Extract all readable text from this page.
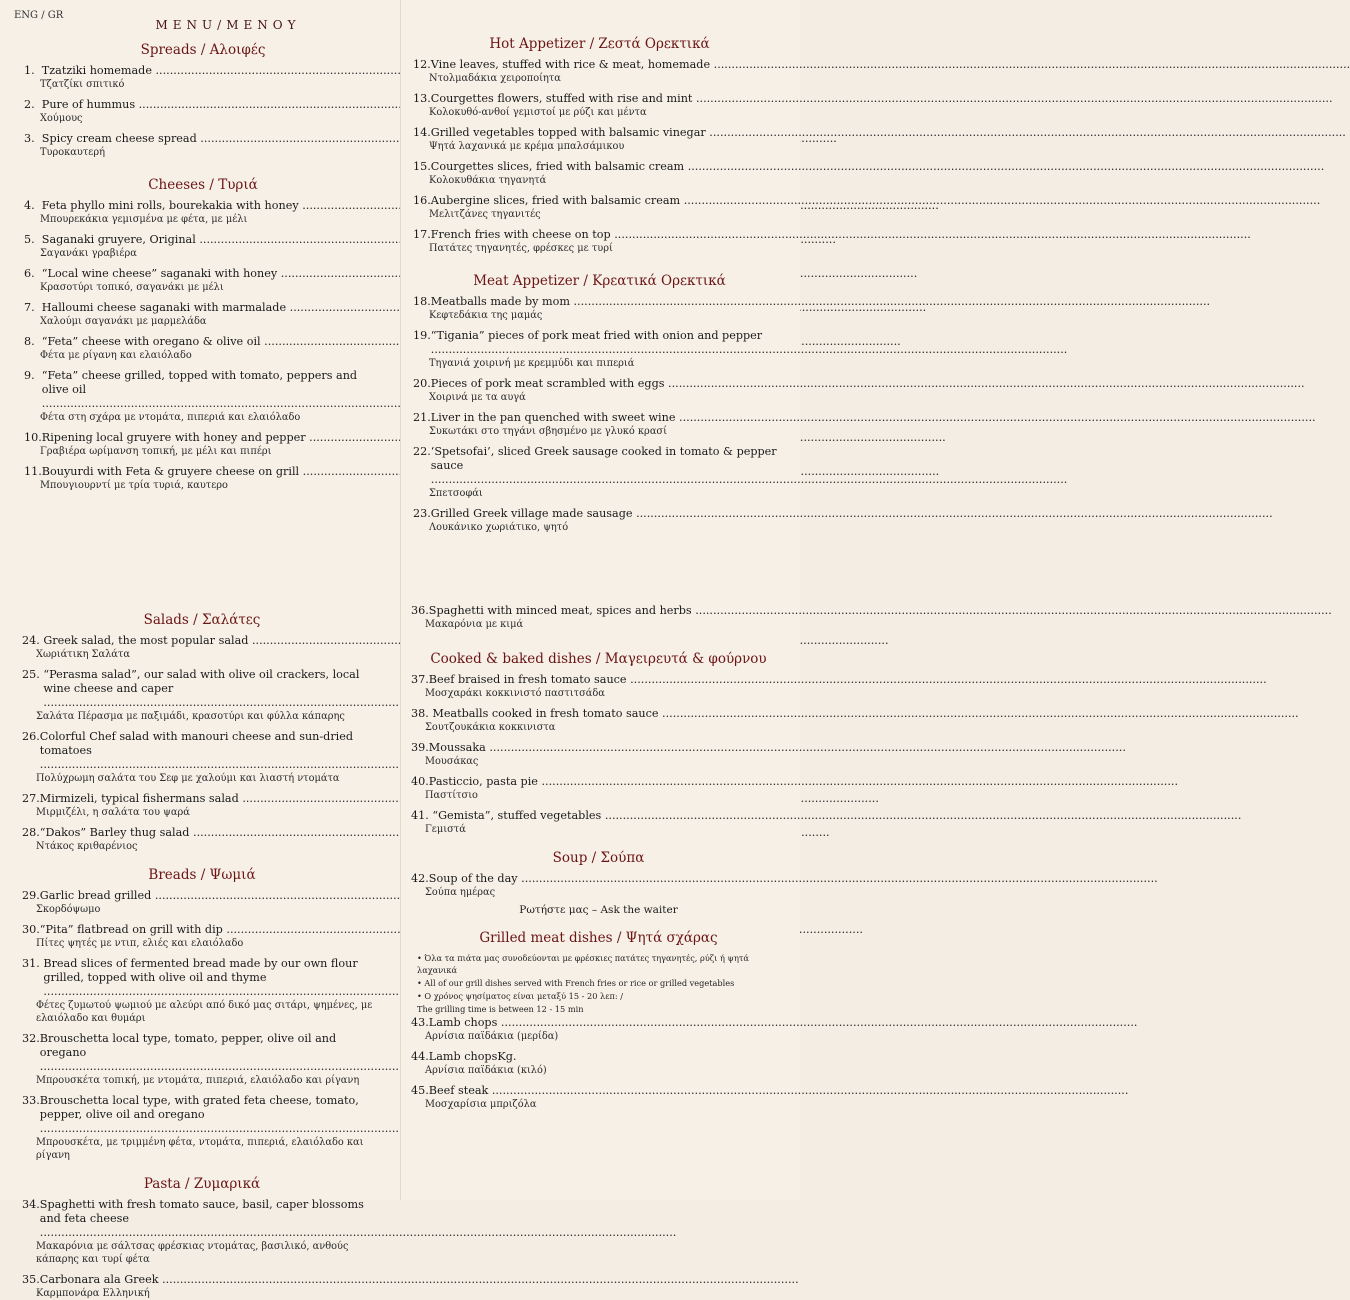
ENG / GR
MENU/MENOY
Spreads / Αλοιφές
1. Tzatziki homemade .....
Τζατζίκι σπιτικό
2. Pure of hummus .....
Χούμους
3. Spicy cream cheese spread .....
Τυροκαυτερή
Cheeses / Τυριά
4. Feta phyllo mini rolls, bourekakia with honey .....
Μπουρεκάκια γεμισμένα με φέτα, με μέλι
5. Saganaki gruyere, Original .....
Σαγανάκι γραβιέρα
6. “Local wine cheese” saganaki with honey .....
Κρασοτύρι τοπικό, σαγανάκι με μέλι
7. Halloumi cheese saganaki with marmalade .....
Χαλούμι σαγανάκι με μαρμελάδα
8. “Feta” cheese with oregano & olive oil .....
Φέτα με ρίγανη και ελαιόλαδο
9. “Feta” cheese grilled, topped with tomato, peppers and olive oil .....
Φέτα στη σχάρα με ντομάτα, πιπεριά και ελαιόλαδο
10. Ripening local gruyere with honey and pepper .....
Γραβιέρα ωρίμανση τοπική, με μέλι και πιπέρι
11. Bouyurdi with Feta & gruyere cheese on grill .....
Μπουγιουρντί με τρία τυριά, καυτερο
Hot Appetizer / Ζεστά Ορεκτικά
12. Vine leaves, stuffed with rice & meat, homemade .....
Ντολμαδάκια χειροποίητα
13. Courgettes flowers, stuffed with rise and mint .....
Κολοκυθό-ανθοί γεμιστοί με ρύζι και μέντα
14. Grilled vegetables topped with balsamic vinegar .....
Ψητά λαχανικά με κρέμα μπαλσάμικου
15. Courgettes slices, fried with balsamic cream .....
Κολοκυθάκια τηγανητά
16. Aubergine slices, fried with balsamic cream .....
Μελιτζάνες τηγανιτές
17. French fries with cheese on top .....
Πατάτες τηγανητές, φρέσκες με τυρί
Meat Appetizer / Κρεατικά Ορεκτικά
18. Meatballs made by mom .....
Κεφτεδάκια της μαμάς
19. “Tigania” pieces of pork meat fried with onion and pepper .....
Τηγανιά χοιρινή με κρεμμύδι και πιπεριά
20. Pieces of pork meat scrambled with eggs .....
Χοιρινά με τα αυγά
21. Liver in the pan quenched with sweet wine .....
Συκωτάκι στο τηγάνι σβησμένο με γλυκό κρασί
22. ‘Spetsofai’, sliced Greek sausage cooked in tomato & pepper sauce .....
Σπετσοφάι
23. Grilled Greek village made sausage .....
Λουκάνικο χωριάτικο, ψητό
Salads / Σαλάτες
24. Greek salad, the most popular salad .....
Χωριάτικη Σαλάτα
25. “Perasma salad”, our salad with olive oil crackers, local wine cheese and caper .....
Σαλάτα Πέρασμα με παξιμάδι, κρασοτύρι και φύλλα κάπαρης
26. Colorful Chef salad with manouri cheese and sun-dried tomatoes .....
Πολύχρωμη σαλάτα του Σεφ με χαλούμι και λιαστή ντομάτα
27. Mirmizeli, typical fishermans salad .....
Μιρμιζέλι, η σαλάτα του ψαρά
28. “Dakos” Barley thug salad .....
Ντάκος κριθαρένιος
Breads / Ψωμιά
29. Garlic bread grilled .....
Σκορδόψωμο
30. “Pita” flatbread on grill with dip .....
Πίτες ψητές με ντιπ, ελιές και ελαιόλαδο
31. Bread slices of fermented bread made by our own flour grilled, topped with olive oil and thyme .....
Φέτες ζυμωτού ψωμιού με αλεύρι από δικό μας σιτάρι, ψημένες, με ελαιόλαδο και θυμάρι
32. Brouschetta local type, tomato, pepper, olive oil and oregano .....
Μπρουσκέτα τοπική, με ντομάτα, πιπεριά, ελαιόλαδο και ρίγανη
33. Brouschetta local type, with grated feta cheese, tomato, pepper, olive oil and oregano .....
Μπρουσκέτα, με τριμμένη φέτα, ντομάτα, πιπεριά, ελαιόλαδο και ρίγανη
Pasta / Ζυμαρικά
34. Spaghetti with fresh tomato sauce, basil, caper blossoms and feta cheese .....
Μακαρόνια με σάλτσας φρέσκιας ντομάτας, βασιλικό, ανθούς κάπαρης και τυρί φέτα
35. Carbonara ala Greek .....
Καρμπονάρα Ελληνική
36. Spaghetti with minced meat, spices and herbs .....
Μακαρόνια με κιμά
Cooked & baked dishes / Μαγειρευτά & φούρνου
37. Beef braised in fresh tomato sauce .....
Μοσχαράκι κοκκινιστό παστιτσάδα
38. Meatballs cooked in fresh tomato sauce .....
Σουτζουκάκια κοκκινιστα
39. Moussaka .....
Μουσάκας
40. Pasticcio, pasta pie .....
Παστίτσιο
41. “Gemista”, stuffed vegetables .....
Γεμιστά
Soup / Σούπα
42. Soup of the day .....
Σούπα ημέρας
Ρωτήστε μας – Ask the waiter
Grilled meat dishes / Ψητά σχάρας
• Όλα τα πιάτα μας συνοδεύονται με φρέσκιες πατάτες τηγανητές, ρύζι ή ψητά λαχανικά
• All of our grill dishes served with French fries or rice or grilled vegetables
• Ο χρόνος ψησίματος είναι μεταξύ 15 - 20 λεπ: /
The grilling time is between 12 - 15 min
43. Lamb chops .....
Αρνίσια παϊδάκια (μερίδα)
44. Lamb chops Kg.
Αρνίσια παϊδάκια (κιλό)
45. Beef steak .....
Μοσχαρίσια μπριζόλα
